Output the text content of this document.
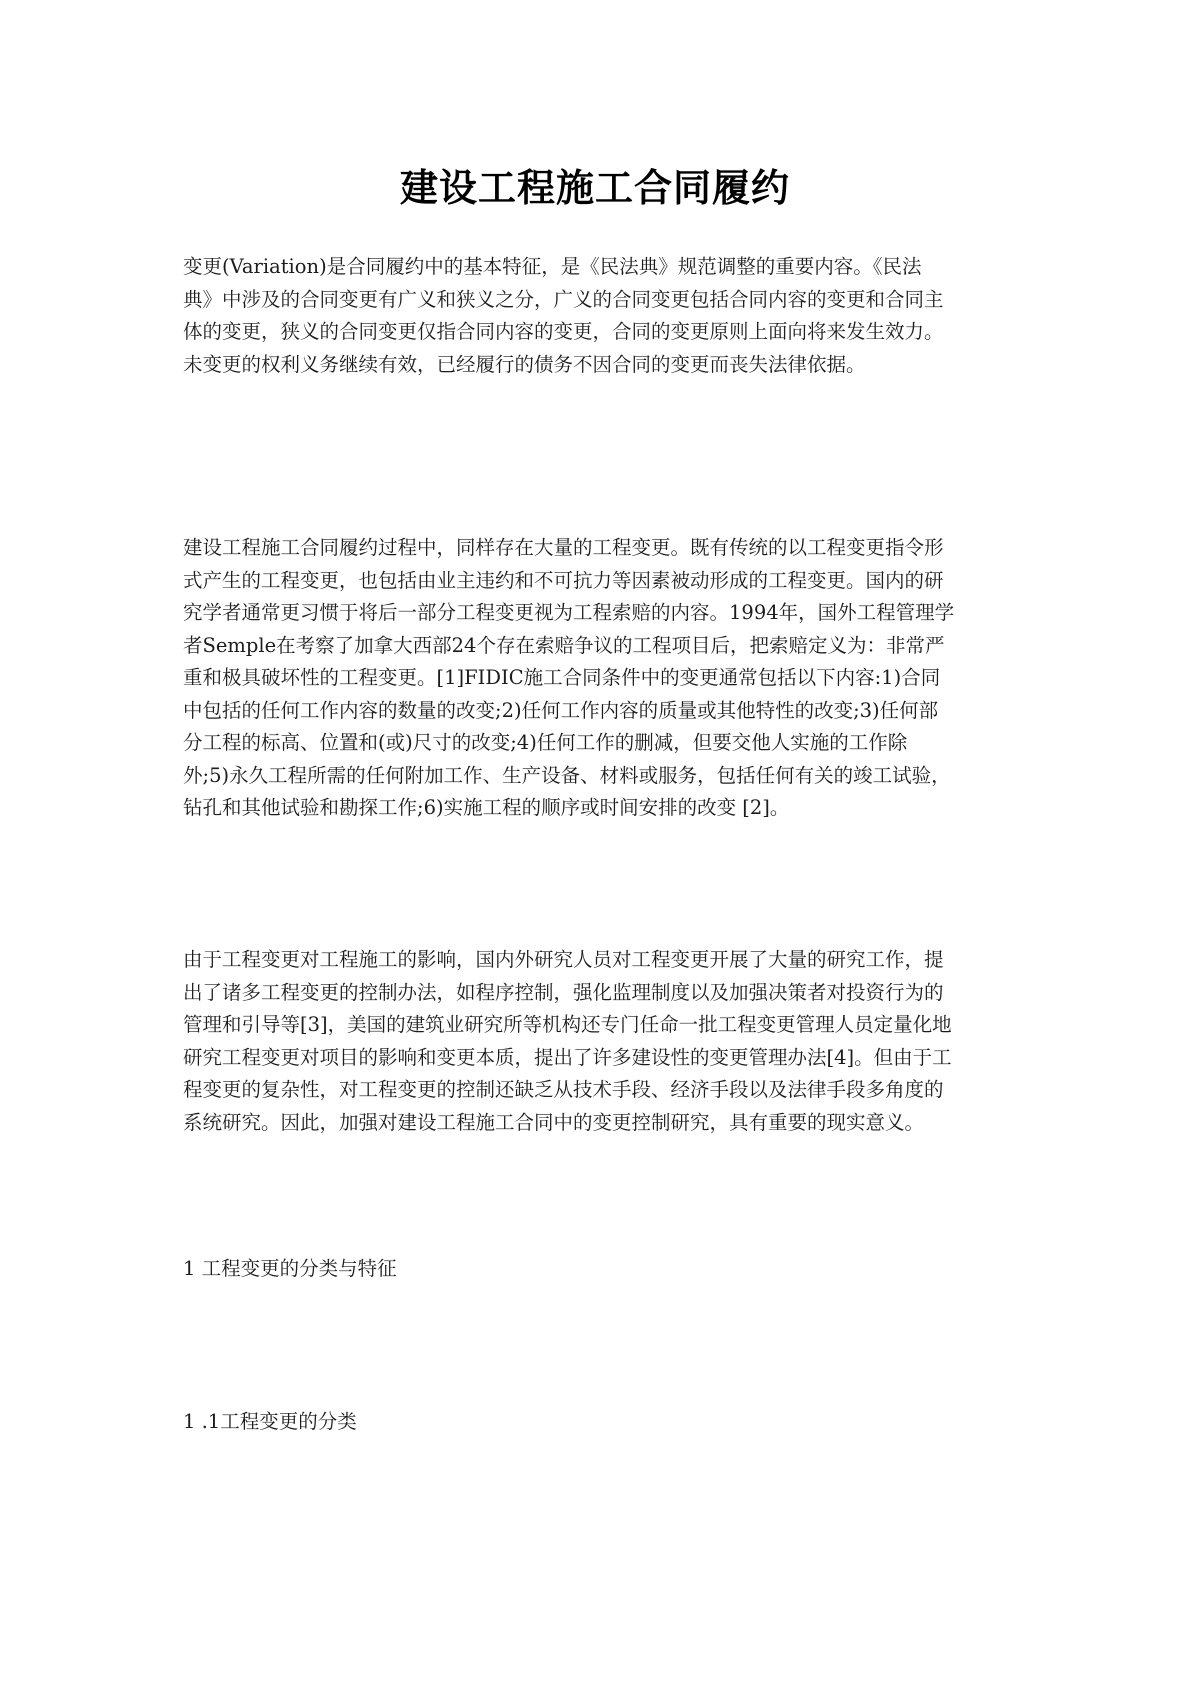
建设工程施工合同履约
变更(Variation)是合同履约中的基本特征，是《民法典》规范调整的重要内容。《民法
典》中涉及的合同变更有广义和狭义之分，广义的合同变更包括合同内容的变更和合同主
体的变更，狭义的合同变更仅指合同内容的变更，合同的变更原则上面向将来发生效力。
未变更的权利义务继续有效，已经履行的债务不因合同的变更而丧失法律依据。
建设工程施工合同履约过程中，同样存在大量的工程变更。既有传统的以工程变更指令形
式产生的工程变更，也包括由业主违约和不可抗力等因素被动形成的工程变更。国内的研
究学者通常更习惯于将后一部分工程变更视为工程索赔的内容。1994年，国外工程管理学
者Semple在考察了加拿大西部24个存在索赔争议的工程项目后，把索赔定义为：非常严
重和极具破坏性的工程变更。[1]FIDIC施工合同条件中的变更通常包括以下内容:1)合同
中包括的任何工作内容的数量的改变;2)任何工作内容的质量或其他特性的改变;3)任何部
分工程的标高、位置和(或)尺寸的改变;4)任何工作的删减，但要交他人实施的工作除
外;5)永久工程所需的任何附加工作、生产设备、材料或服务，包括任何有关的竣工试验，
钻孔和其他试验和勘探工作;6)实施工程的顺序或时间安排的改变 [2]。
由于工程变更对工程施工的影响，国内外研究人员对工程变更开展了大量的研究工作，提
出了诸多工程变更的控制办法，如程序控制，强化监理制度以及加强决策者对投资行为的
管理和引导等[3]，美国的建筑业研究所等机构还专门任命一批工程变更管理人员定量化地
研究工程变更对项目的影响和变更本质，提出了许多建设性的变更管理办法[4]。但由于工
程变更的复杂性，对工程变更的控制还缺乏从技术手段、经济手段以及法律手段多角度的
系统研究。因此，加强对建设工程施工合同中的变更控制研究，具有重要的现实意义。
1 工程变更的分类与特征
1 .1工程变更的分类
